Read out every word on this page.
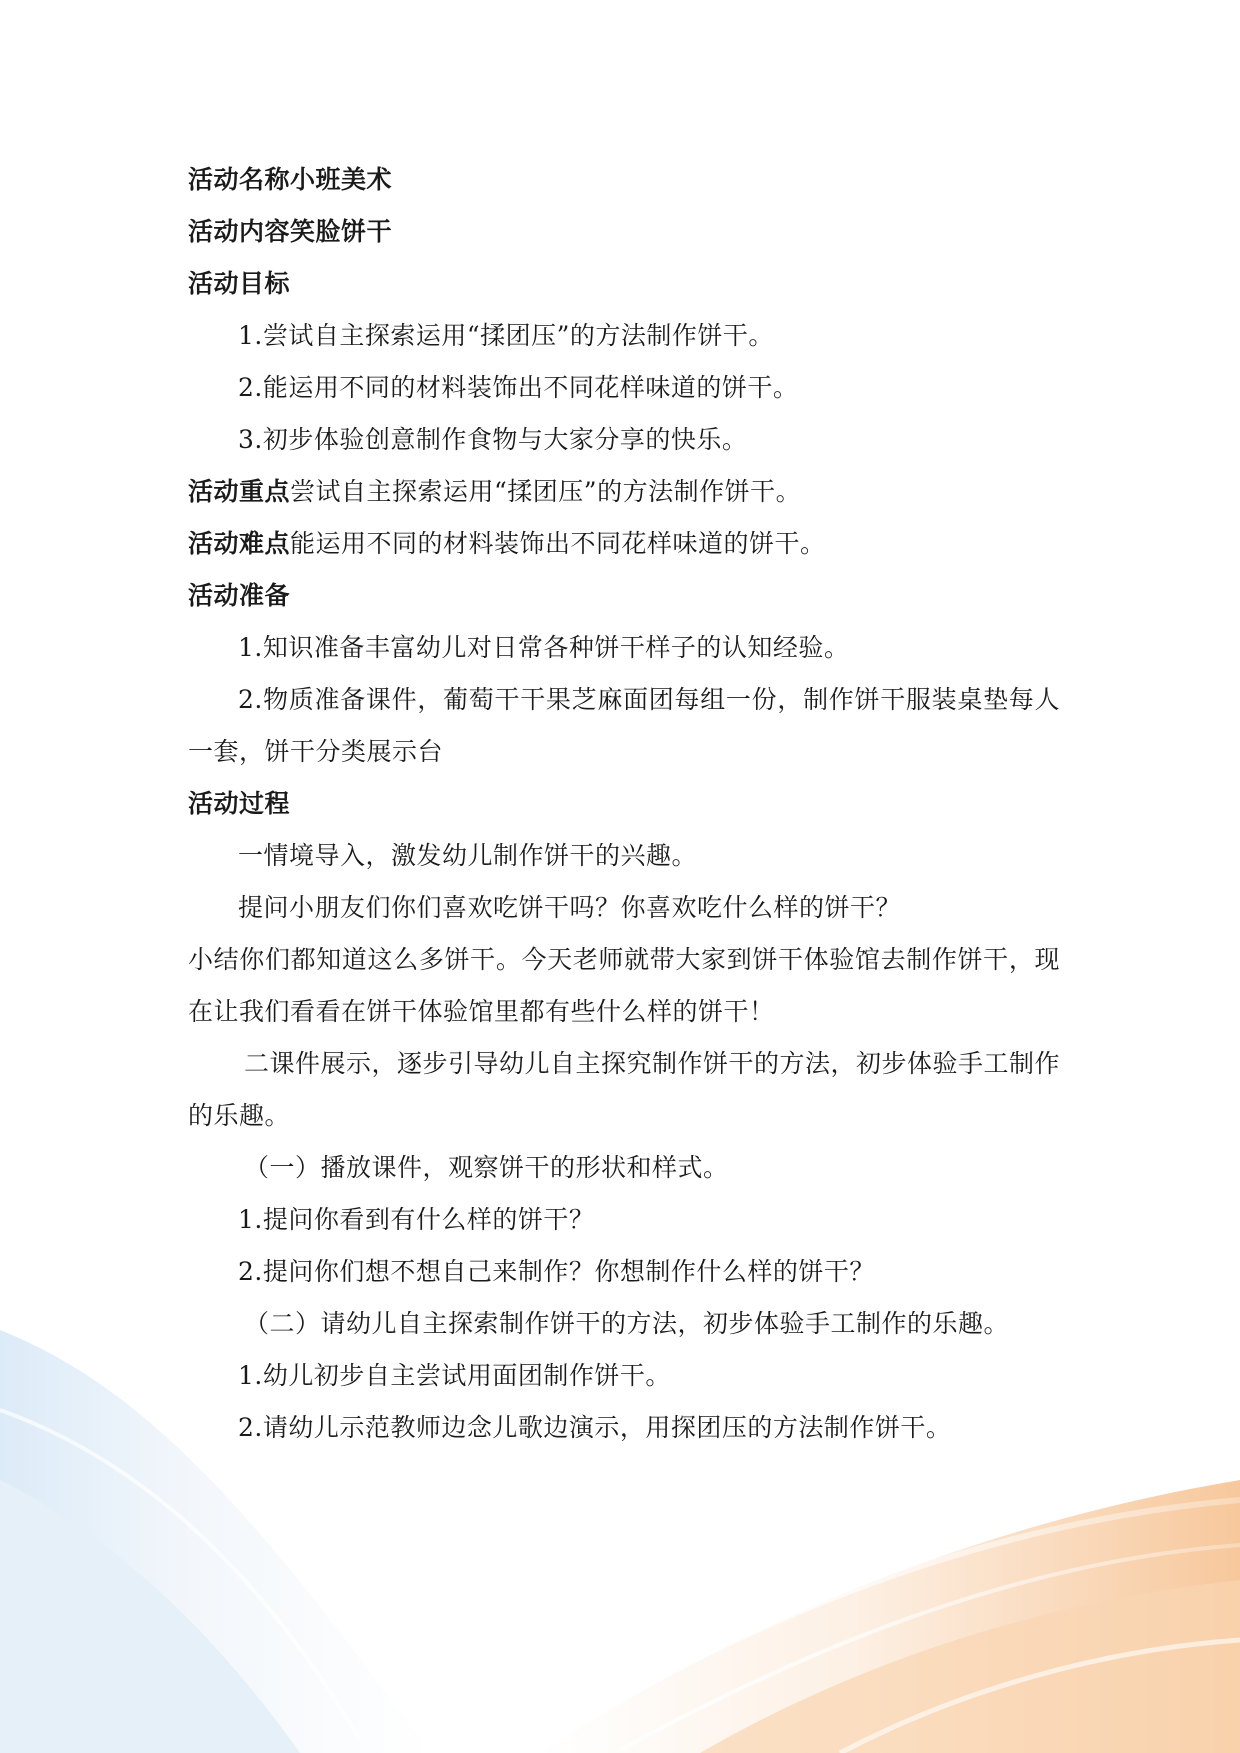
活动名称小班美术

活动内容笑脸饼干

活动目标

1.尝试自主探索运用“揉团压”的方法制作饼干。

2.能运用不同的材料装饰出不同花样味道的饼干。

3.初步体验创意制作食物与大家分享的快乐。

活动重点尝试自主探索运用“揉团压”的方法制作饼干。

活动难点能运用不同的材料装饰出不同花样味道的饼干。

活动准备

1.知识准备丰富幼儿对日常各种饼干样子的认知经验。

2.物质准备课件，葡萄干干果芝麻面团每组一份，制作饼干服装桌垫每人一套，饼干分类展示台

活动过程

一情境导入，激发幼儿制作饼干的兴趣。

提问小朋友们你们喜欢吃饼干吗？你喜欢吃什么样的饼干？

小结你们都知道这么多饼干。今天老师就带大家到饼干体验馆去制作饼干，现在让我们看看在饼干体验馆里都有些什么样的饼干！

二课件展示，逐步引导幼儿自主探究制作饼干的方法，初步体验手工制作的乐趣。

（一）播放课件，观察饼干的形状和样式。

1.提问你看到有什么样的饼干？

2.提问你们想不想自己来制作？你想制作什么样的饼干？

（二）请幼儿自主探索制作饼干的方法，初步体验手工制作的乐趣。

1.幼儿初步自主尝试用面团制作饼干。

2.请幼儿示范教师边念儿歌边演示，用探团压的方法制作饼干。
